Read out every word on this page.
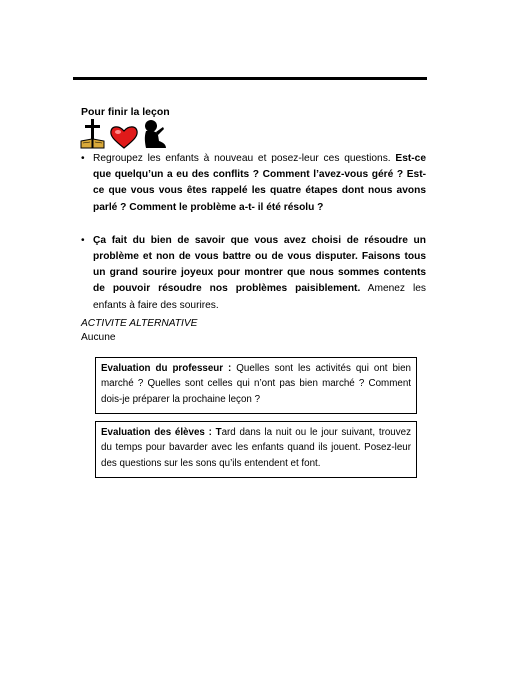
Pour finir la leçon
• Regroupez les enfants à nouveau et posez-leur ces questions. Est-ce que quelqu’un a eu des conflits ? Comment l’avez-vous géré ? Est-ce que vous vous êtes rappelé les quatre étapes dont nous avons parlé ? Comment le problème a-t- il été résolu ?
• Ça fait du bien de savoir que vous avez choisi de résoudre un problème et non de vous battre ou de vous disputer. Faisons tous un grand sourire joyeux pour montrer que nous sommes contents de pouvoir résoudre nos problèmes paisiblement. Amenez les enfants à faire des sourires.
ACTIVITE ALTERNATIVE
Aucune
Evaluation du professeur : Quelles sont les activités qui ont bien marché ? Quelles sont celles qui n’ont pas bien marché ? Comment dois-je préparer la prochaine leçon ?
Evaluation des élèves : Tard dans la nuit ou le jour suivant, trouvez du temps pour bavarder avec les enfants quand ils jouent. Posez-leur des questions sur les sons qu’ils entendent et font.
